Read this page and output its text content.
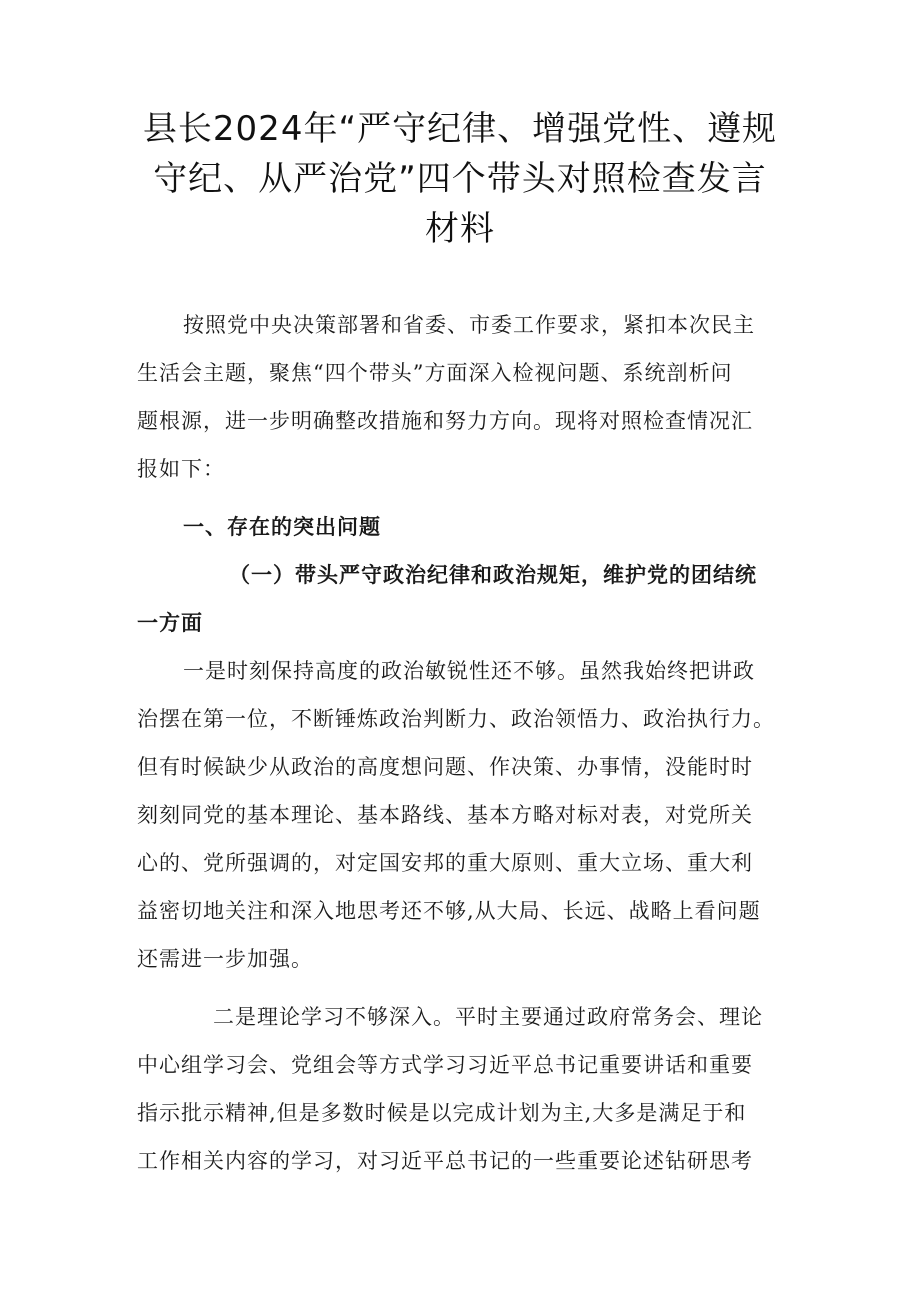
县长2024年“严守纪律、增强党性、遵规
守纪、从严治党”四个带头对照检查发言
材料
按照党中央决策部署和省委、市委工作要求，紧扣本次民主
生活会主题，聚焦“四个带头”方面深入检视问题、系统剖析问
题根源，进一步明确整改措施和努力方向。现将对照检查情况汇
报如下：
一、存在的突出问题
（一）带头严守政治纪律和政治规矩，维护党的团结统
一方面
一是时刻保持高度的政治敏锐性还不够。虽然我始终把讲政
治摆在第一位，不断锤炼政治判断力、政治领悟力、政治执行力。
但有时候缺少从政治的高度想问题、作决策、办事情，没能时时
刻刻同党的基本理论、基本路线、基本方略对标对表，对党所关
心的、党所强调的，对定国安邦的重大原则、重大立场、重大利
益密切地关注和深入地思考还不够,从大局、长远、战略上看问题
还需进一步加强。
二是理论学习不够深入。平时主要通过政府常务会、理论
中心组学习会、党组会等方式学习习近平总书记重要讲话和重要
指示批示精神,但是多数时候是以完成计划为主,大多是满足于和
工作相关内容的学习，对习近平总书记的一些重要论述钻研思考
